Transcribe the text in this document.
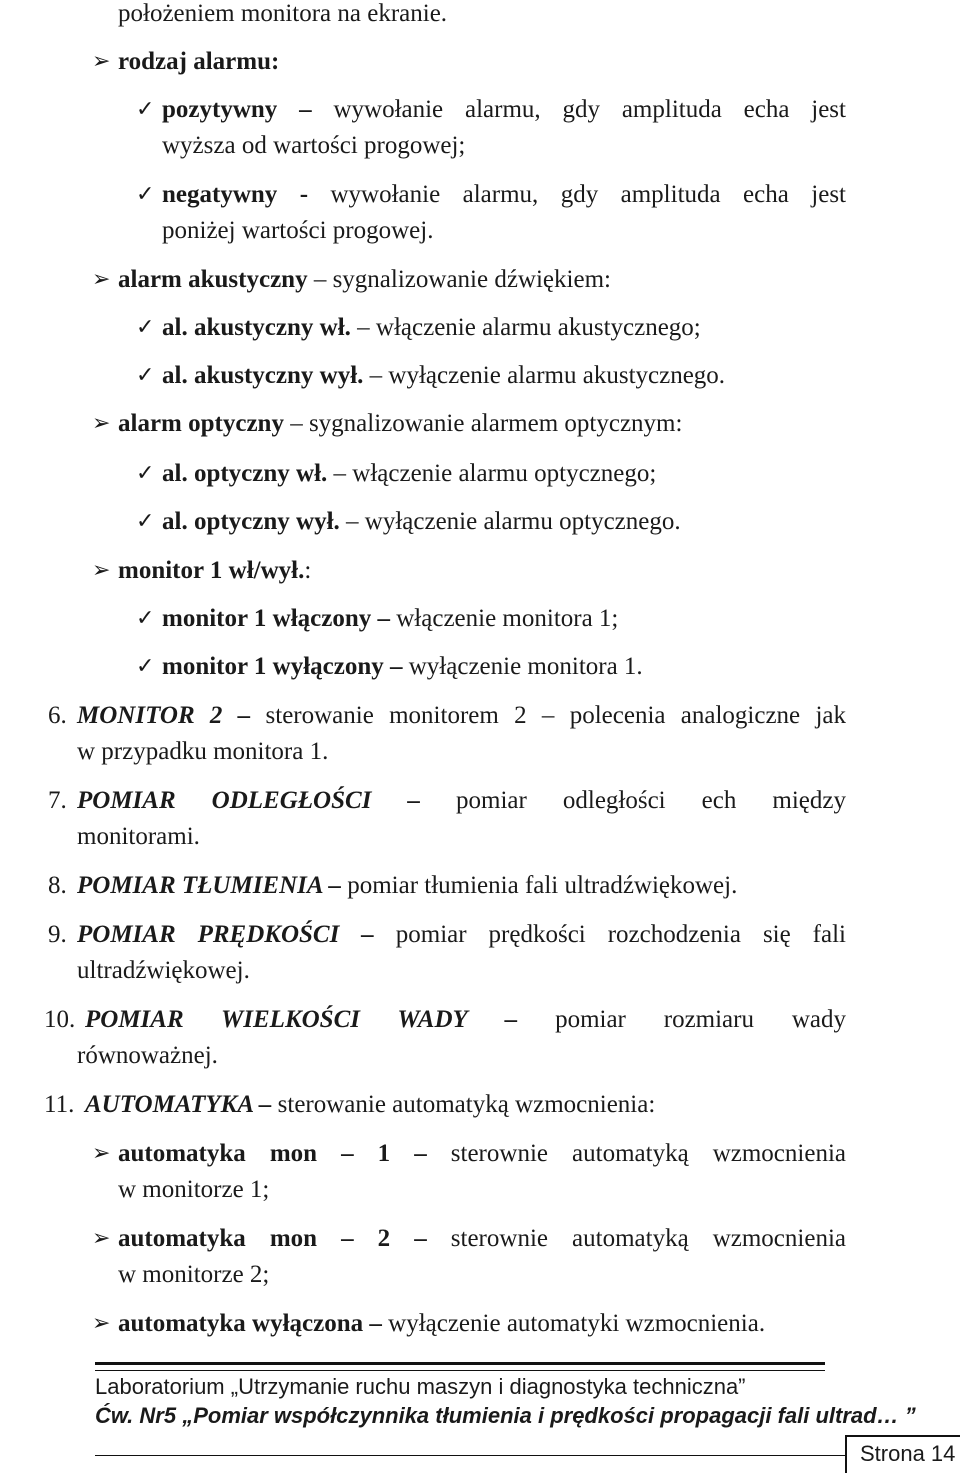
położeniem monitora na ekranie.
➢ rodzaj alarmu:
✓ pozytywny – wywołanie alarmu, gdy amplituda echa jest
wyższa od wartości progowej;
✓ negatywny - wywołanie alarmu, gdy amplituda echa jest
poniżej wartości progowej.
➢ alarm akustyczny – sygnalizowanie dźwiękiem:
✓ al. akustyczny wł. – włączenie alarmu akustycznego;
✓ al. akustyczny wył. – wyłączenie alarmu akustycznego.
➢ alarm optyczny – sygnalizowanie alarmem optycznym:
✓ al. optyczny wł. – włączenie alarmu optycznego;
✓ al. optyczny wył. – wyłączenie alarmu optycznego.
➢ monitor 1 wł/wył.:
✓ monitor 1 włączony – włączenie monitora 1;
✓ monitor 1 wyłączony – wyłączenie monitora 1.
6. MONITOR 2 – sterowanie monitorem 2 – polecenia analogiczne jak
w przypadku monitora 1.
7. POMIAR ODLEGŁOŚCI – pomiar odległości ech między
monitorami.
8. POMIAR TŁUMIENIA – pomiar tłumienia fali ultradźwiękowej.
9. POMIAR PRĘDKOŚCI – pomiar prędkości rozchodzenia się fali
ultradźwiękowej.
10. POMIAR WIELKOŚCI WADY – pomiar rozmiaru wady
równoważnej.
11. AUTOMATYKA – sterowanie automatyką wzmocnienia:
➢ automatyka mon – 1 – sterownie automatyką wzmocnienia
w monitorze 1;
➢ automatyka mon – 2 – sterownie automatyką wzmocnienia
w monitorze 2;
➢ automatyka wyłączona – wyłączenie automatyki wzmocnienia.
Laboratorium „Utrzymanie ruchu maszyn i diagnostyka techniczna”
Ćw. Nr5 „Pomiar współczynnika tłumienia i prędkości propagacji fali ultrad… ”
Strona 14
